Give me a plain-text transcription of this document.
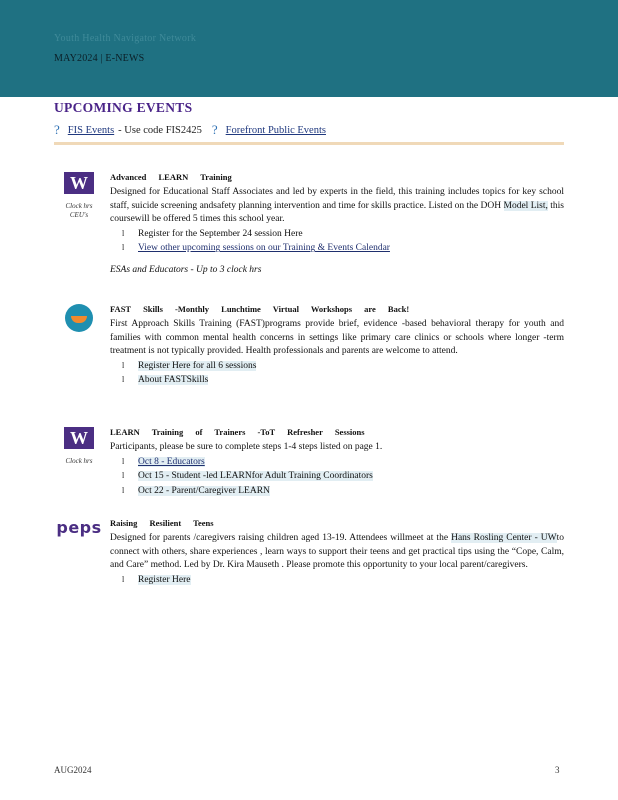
Youth Health Navigator Network
MAY2024 | E-NEWS
UPCOMING EVENTS
? FIS Events - Use code FIS2425 ? Forefront Public Events
W
Clock hrs
CEU's
Advanced LEARN Training
Designed for Educational Staff Associates and led by experts in the field, this training includes topics for key school staff, suicide screening andsafety planning intervention and time for skills practice. Listed on the DOH Model List, this coursewill be offered 5 times this school year.
l Register for the September 24 session Here
l View other upcoming sessions on our Training & Events Calendar
ESAs and Educators - Up to 3 clock hrs
FAST Skills -Monthly Lunchtime Virtual Workshops are Back!
First Approach Skills Training (FAST)programs provide brief, evidence -based behavioral therapy for youth and families with common mental health concerns in settings like primary care clinics or schools where longer -term treatment is not typically provided. Health professionals and parents are welcome to attend.
l Register Here for all 6 sessions
l About FASTSkills
W
Clock hrs
LEARN Training of Trainers -ToT Refresher Sessions
Participants, please be sure to complete steps 1-4 steps listed on page 1.
l Oct 8 - Educators
l Oct 15 - Student -led LEARNfor Adult Training Coordinators
l Oct 22 - Parent/Caregiver LEARN
peps Raising Resilient Teens
Designed for parents /caregivers raising children aged 13-19. Attendees willmeet at the Hans Rosling Center - UWto connect with others, share experiences , learn ways to support their teens and get practical tips using the “Cope, Calm, and Care” method. Led by Dr. Kira Mauseth . Please promote this opportunity to your local parent/caregivers.
l Register Here
AUG2024	3
